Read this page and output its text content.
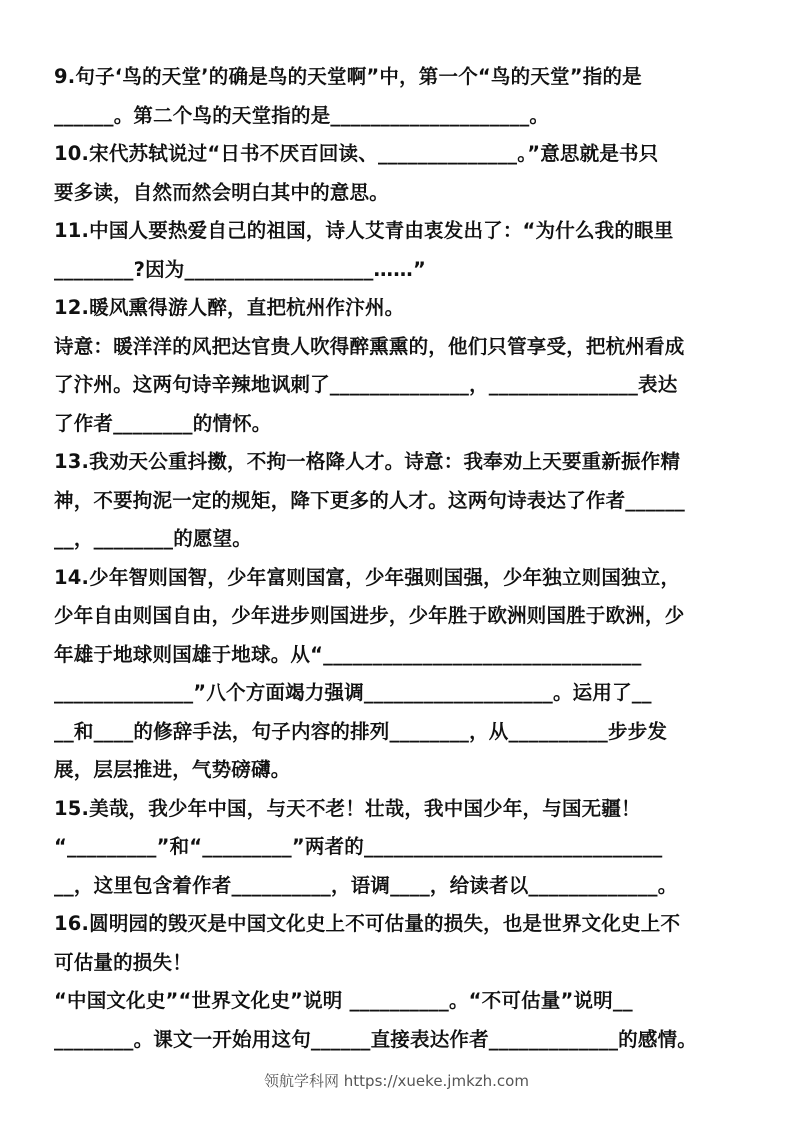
9.句子‘鸟的天堂’的确是鸟的天堂啊”中，第一个“鸟的天堂”指的是
______。第二个鸟的天堂指的是____________________。
10.宋代苏轼说过“日书不厌百回读、______________。”意思就是书只
要多读，自然而然会明白其中的意思。
11.中国人要热爱自己的祖国，诗人艾青由衷发出了：“为什么我的眼里
________?因为___________________……”
12.暖风熏得游人醉，直把杭州作汴州。
诗意：暖洋洋的风把达官贵人吹得醉熏熏的，他们只管享受，把杭州看成
了汴州。这两句诗辛辣地讽刺了______________，_______________表达
了作者________的情怀。
13.我劝天公重抖擞，不拘一格降人才。诗意：我奉劝上天要重新振作精
神，不要拘泥一定的规矩，降下更多的人才。这两句诗表达了作者______
__，________的愿望。
14.少年智则国智，少年富则国富，少年强则国强，少年独立则国独立，
少年自由则国自由，少年进步则国进步，少年胜于欧洲则国胜于欧洲，少
年雄于地球则国雄于地球。从“________________________________
______________”八个方面竭力强调___________________。运用了__
__和____的修辞手法，句子内容的排列________，从__________步步发
展，层层推进，气势磅礴。
15.美哉，我少年中国，与天不老！壮哉，我中国少年，与国无疆！
“_________”和“_________”两者的______________________________
__，这里包含着作者__________，语调____，给读者以_____________。
16.圆明园的毁灭是中国文化史上不可估量的损失，也是世界文化史上不
可估量的损失！
“中国文化史”“世界文化史”说明 __________。“不可估量”说明__
________。课文一开始用这句______直接表达作者_____________的感情。
领航学科网 https://xueke.jmkzh.com
